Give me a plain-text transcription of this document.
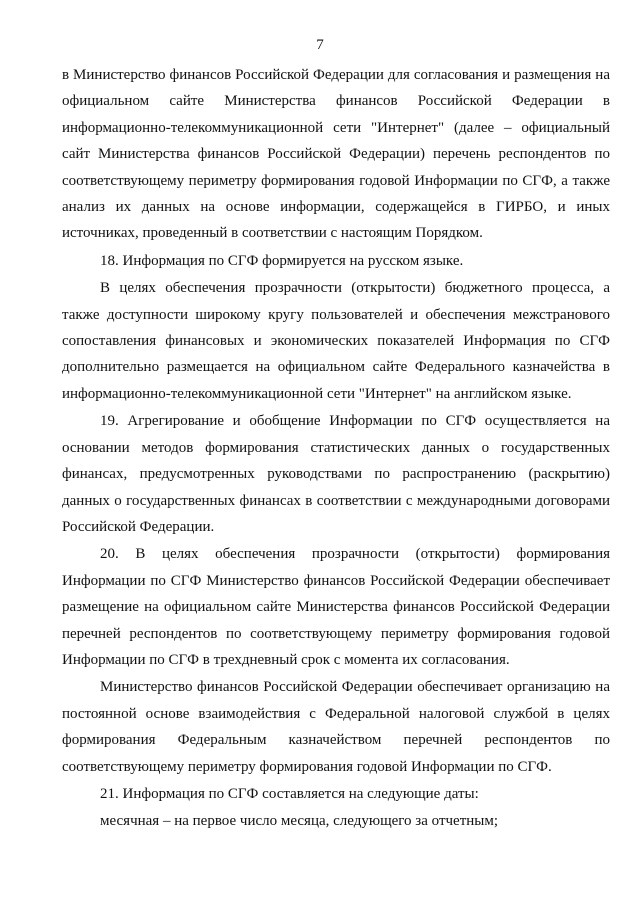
7

в Министерство финансов Российской Федерации для согласования и размещения на официальном сайте Министерства финансов Российской Федерации в информационно-телекоммуникационной сети "Интернет" (далее – официальный сайт Министерства финансов Российской Федерации) перечень респондентов по соответствующему периметру формирования годовой Информации по СГФ, а также анализ их данных на основе информации, содержащейся в ГИРБО, и иных источниках, проведенный в соответствии с настоящим Порядком.

18. Информация по СГФ формируется на русском языке.

В целях обеспечения прозрачности (открытости) бюджетного процесса, а также доступности широкому кругу пользователей и обеспечения межстранового сопоставления финансовых и экономических показателей Информация по СГФ дополнительно размещается на официальном сайте Федерального казначейства в информационно-телекоммуникационной сети "Интернет" на английском языке.

19. Агрегирование и обобщение Информации по СГФ осуществляется на основании методов формирования статистических данных о государственных финансах, предусмотренных руководствами по распространению (раскрытию) данных о государственных финансах в соответствии с международными договорами Российской Федерации.

20. В целях обеспечения прозрачности (открытости) формирования Информации по СГФ Министерство финансов Российской Федерации обеспечивает размещение на официальном сайте Министерства финансов Российской Федерации перечней респондентов по соответствующему периметру формирования годовой Информации по СГФ в трехдневный срок с момента их согласования.

Министерство финансов Российской Федерации обеспечивает организацию на постоянной основе взаимодействия с Федеральной налоговой службой в целях формирования Федеральным казначейством перечней респондентов по соответствующему периметру формирования годовой Информации по СГФ.

21. Информация по СГФ составляется на следующие даты:

месячная – на первое число месяца, следующего за отчетным;
